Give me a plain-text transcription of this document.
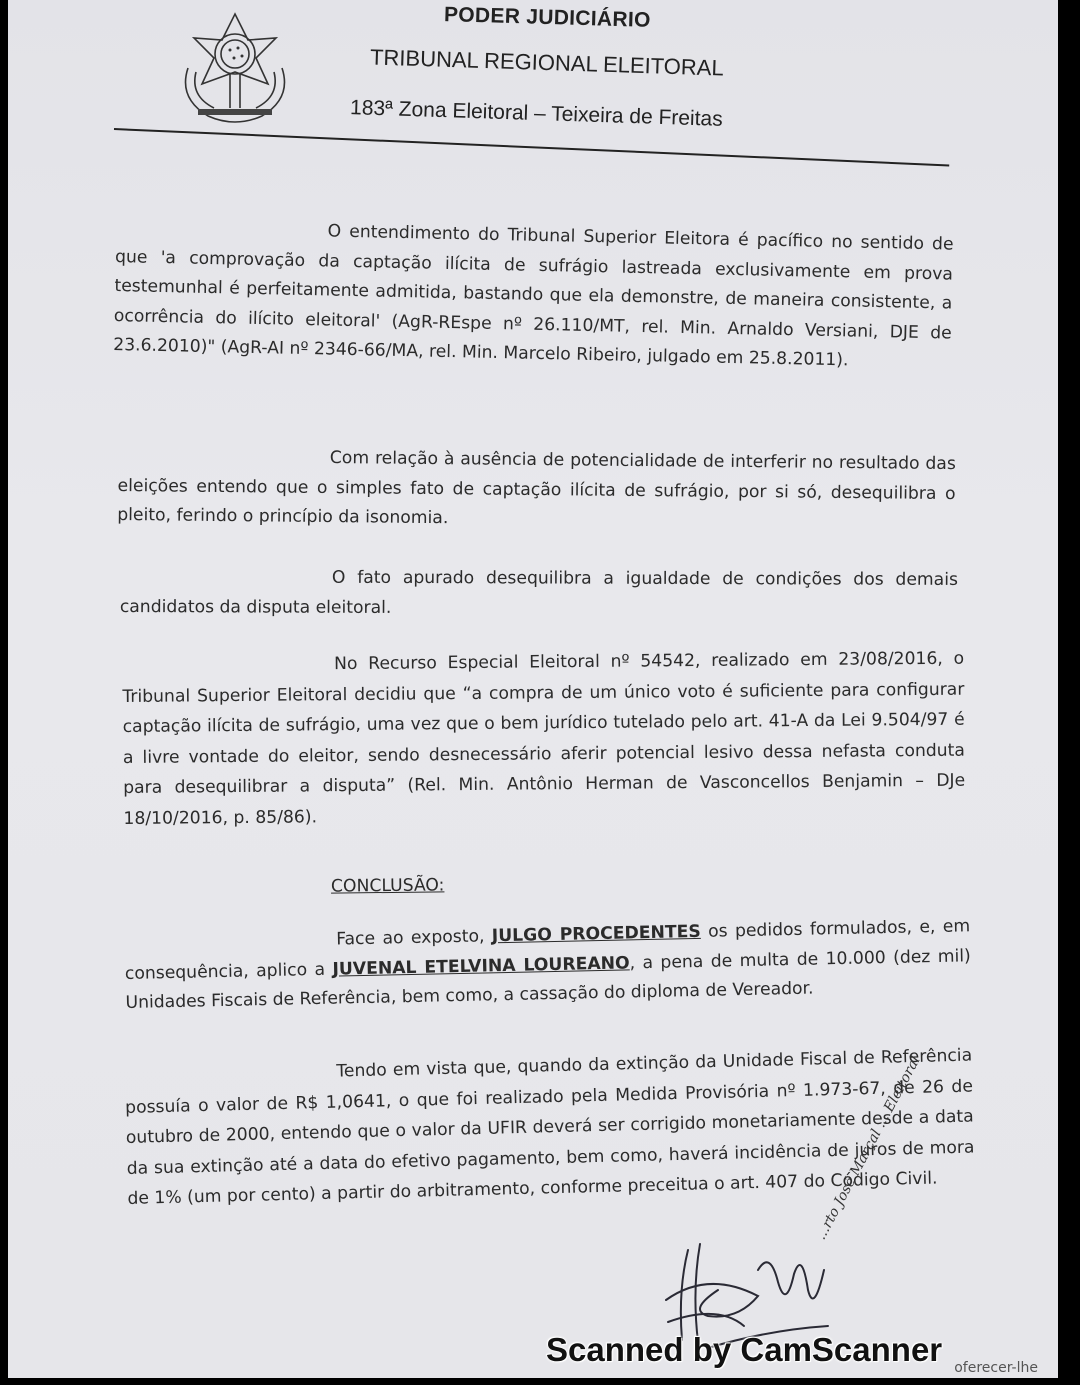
PODER JUDICIÁRIO
TRIBUNAL REGIONAL ELEITORAL
183ª Zona Eleitoral – Teixeira de Freitas
O entendimento do Tribunal Superior Eleitora é pacífico no sentido de que 'a comprovação da captação ilícita de sufrágio lastreada exclusivamente em prova testemunhal é perfeitamente admitida, bastando que ela demonstre, de maneira consistente, a ocorrência do ilícito eleitoral' (AgR-REspe nº 26.110/MT, rel. Min. Arnaldo Versiani, DJE de 23.6.2010)" (AgR-AI nº 2346-66/MA, rel. Min. Marcelo Ribeiro, julgado em 25.8.2011).
Com relação à ausência de potencialidade de interferir no resultado das eleições entendo que o simples fato de captação ilícita de sufrágio, por si só, desequilibra o pleito, ferindo o princípio da isonomia.
O fato apurado desequilibra a igualdade de condições dos demais candidatos da disputa eleitoral.
No Recurso Especial Eleitoral nº 54542, realizado em 23/08/2016, o Tribunal Superior Eleitoral decidiu que “a compra de um único voto é suficiente para configurar captação ilícita de sufrágio, uma vez que o bem jurídico tutelado pelo art. 41-A da Lei 9.504/97 é a livre vontade do eleitor, sendo desnecessário aferir potencial lesivo dessa nefasta conduta para desequilibrar a disputa” (Rel. Min. Antônio Herman de Vasconcellos Benjamin – DJe 18/10/2016, p. 85/86).
CONCLUSÃO:
Face ao exposto, JULGO PROCEDENTES os pedidos formulados, e, em consequência, aplico a JUVENAL ETELVINA LOUREANO, a pena de multa de 10.000 (dez mil) Unidades Fiscais de Referência, bem como, a cassação do diploma de Vereador.
Tendo em vista que, quando da extinção da Unidade Fiscal de Referência possuía o valor de R$ 1,0641, o que foi realizado pela Medida Provisória nº 1.973-67, de 26 de outubro de 2000, entendo que o valor da UFIR deverá ser corrigido monetariamente desde a data da sua extinção até a data do efetivo pagamento, bem como, haverá incidência de juros de mora de 1% (um por cento) a partir do arbitramento, conforme preceitua o art. 407 do Código Civil.
...rto José Marçal ... Eleitoral
oferecer-lhe
Scanned by CamScanner
